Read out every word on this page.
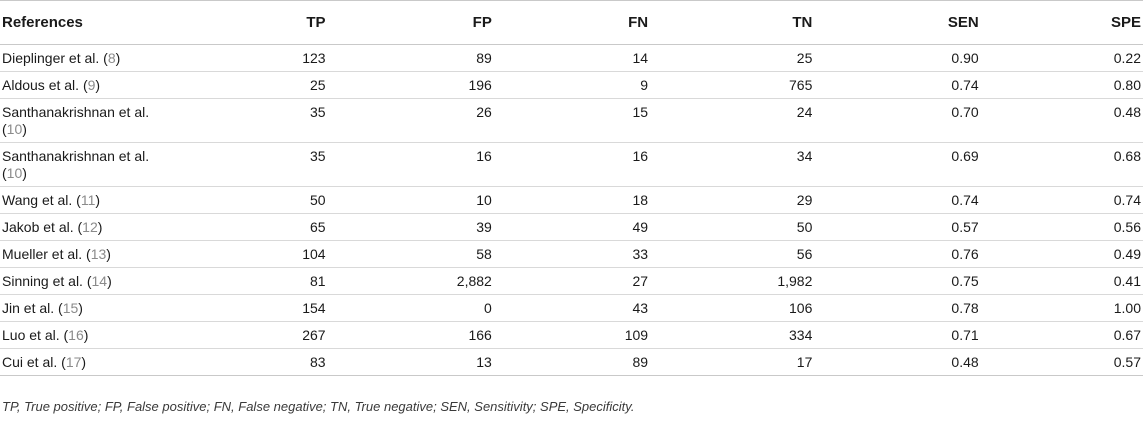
References	TP	FP	FN	TN	SEN	SPE
Dieplinger et al. (8)	123	89	14	25	0.90	0.22
Aldous et al. (9)	25	196	9	765	0.74	0.80
Santhanakrishnan et al.
(10)	35	26	15	24	0.70	0.48
Santhanakrishnan et al.
(10)	35	16	16	34	0.69	0.68
Wang et al. (11)	50	10	18	29	0.74	0.74
Jakob et al. (12)	65	39	49	50	0.57	0.56
Mueller et al. (13)	104	58	33	56	0.76	0.49
Sinning et al. (14)	81	2,882	27	1,982	0.75	0.41
Jin et al. (15)	154	0	43	106	0.78	1.00
Luo et al. (16)	267	166	109	334	0.71	0.67
Cui et al. (17)	83	13	89	17	0.48	0.57
TP, True positive; FP, False positive; FN, False negative; TN, True negative; SEN, Sensitivity; SPE, Specificity.
